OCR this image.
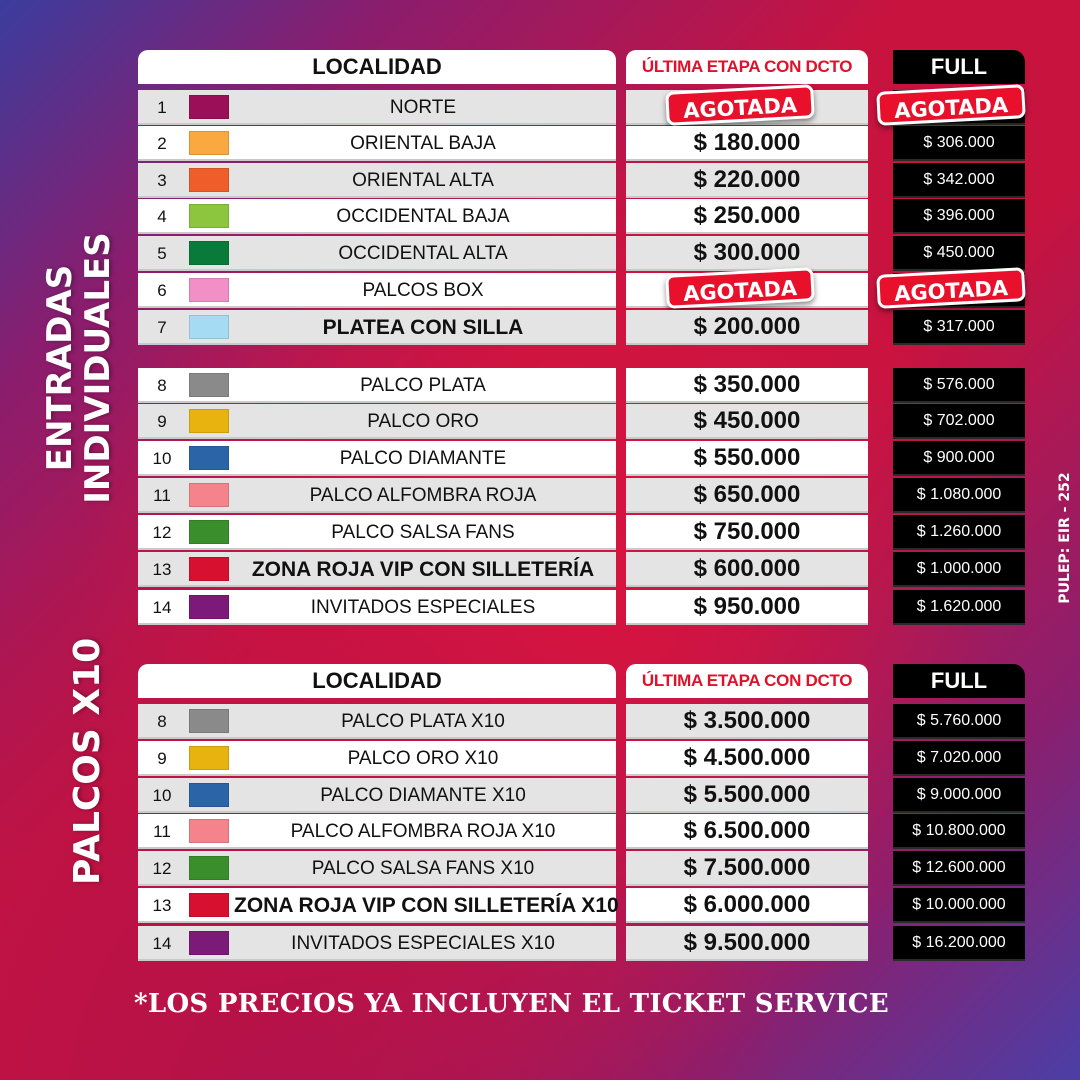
ENTRADAS
INDIVIDUALES
PALCOS X10
PULEP: EIR - 252
LOCALIDAD	ÚLTIMA ETAPA CON DCTO	FULL
1	NORTE	AGOTADA	AGOTADA
2	ORIENTAL BAJA	$ 180.000	$ 306.000
3	ORIENTAL ALTA	$ 220.000	$ 342.000
4	OCCIDENTAL BAJA	$ 250.000	$ 396.000
5	OCCIDENTAL ALTA	$ 300.000	$ 450.000
6	PALCOS BOX	AGOTADA	AGOTADA
7	PLATEA CON SILLA	$ 200.000	$ 317.000
8	PALCO PLATA	$ 350.000	$ 576.000
9	PALCO ORO	$ 450.000	$ 702.000
10	PALCO DIAMANTE	$ 550.000	$ 900.000
11	PALCO ALFOMBRA ROJA	$ 650.000	$ 1.080.000
12	PALCO SALSA FANS	$ 750.000	$ 1.260.000
13	ZONA ROJA VIP CON SILLETERÍA	$ 600.000	$ 1.000.000
14	INVITADOS ESPECIALES	$ 950.000	$ 1.620.000
LOCALIDAD	ÚLTIMA ETAPA CON DCTO	FULL
8	PALCO PLATA X10	$ 3.500.000	$ 5.760.000
9	PALCO ORO X10	$ 4.500.000	$ 7.020.000
10	PALCO DIAMANTE X10	$ 5.500.000	$ 9.000.000
11	PALCO ALFOMBRA ROJA X10	$ 6.500.000	$ 10.800.000
12	PALCO SALSA FANS X10	$ 7.500.000	$ 12.600.000
13	ZONA ROJA VIP CON SILLETERÍA X10	$ 6.000.000	$ 10.000.000
14	INVITADOS ESPECIALES X10	$ 9.500.000	$ 16.200.000
*LOS PRECIOS YA INCLUYEN EL TICKET SERVICE
